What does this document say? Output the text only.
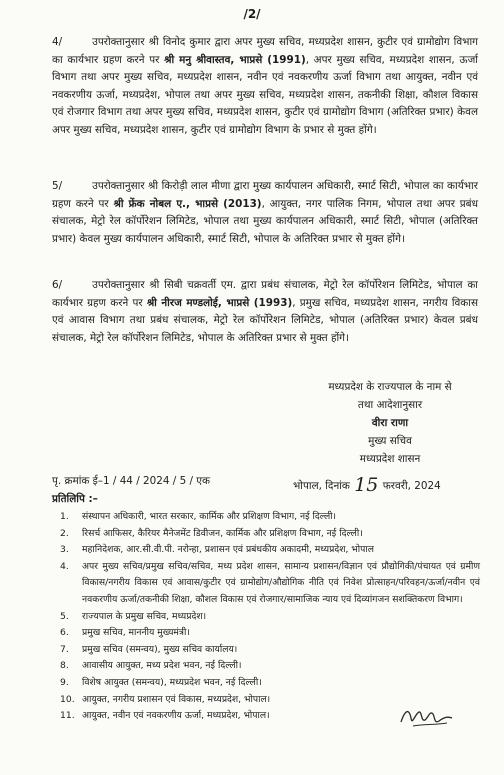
/2/
4/	उपरोक्तानुसार श्री विनोद कुमार द्वारा अपर मुख्य सचिव, मध्यप्रदेश शासन, कुटीर एवं ग्रामोद्योग विभाग का कार्यभार ग्रहण करने पर श्री मनु श्रीवास्तव, भाप्रसे (1991), अपर मुख्य सचिव, मध्यप्रदेश शासन, ऊर्जा विभाग तथा अपर मुख्य सचिव, मध्यप्रदेश शासन, नवीन एवं नवकरणीय ऊर्जा विभाग तथा आयुक्त, नवीन एवं नवकरणीय ऊर्जा, मध्यप्रदेश, भोपाल तथा अपर मुख्य सचिव, मध्यप्रदेश शासन, तकनीकी शिक्षा, कौशल विकास एवं रोजगार विभाग तथा अपर मुख्य सचिव, मध्यप्रदेश शासन, कुटीर एवं ग्रामोद्योग विभाग (अतिरिक्त प्रभार) केवल अपर मुख्य सचिव, मध्यप्रदेश शासन, कुटीर एवं ग्रामोद्योग विभाग के प्रभार से मुक्त होंगे।
5/	उपरोक्तानुसार श्री किरोड़ी लाल मीणा द्वारा मुख्य कार्यपालन अधिकारी, स्मार्ट सिटी, भोपाल का कार्यभार ग्रहण करने पर श्री फ्रेंक नोबल ए., भाप्रसे (2013), आयुक्त, नगर पालिक निगम, भोपाल तथा अपर प्रबंध संचालक, मेट्रो रेल कॉर्पोरेशन लिमिटेड, भोपाल तथा मुख्य कार्यपालन अधिकारी, स्मार्ट सिटी, भोपाल (अतिरिक्त प्रभार) केवल मुख्य कार्यपालन अधिकारी, स्मार्ट सिटी, भोपाल के अतिरिक्त प्रभार से मुक्त होंगे।
6/	उपरोक्तानुसार श्री सिबी चक्रवर्ती एम. द्वारा प्रबंध संचालक, मेट्रो रेल कॉर्पोरेशन लिमिटेड, भोपाल का कार्यभार ग्रहण करने पर श्री नीरज मण्डलोई, भाप्रसे (1993), प्रमुख सचिव, मध्यप्रदेश शासन, नगरीय विकास एवं आवास विभाग तथा प्रबंध संचालक, मेट्रो रेल कॉर्पोरेशन लिमिटेड, भोपाल (अतिरिक्त प्रभार) केवल प्रबंध संचालक, मेट्रो रेल कॉर्पोरेशन लिमिटेड, भोपाल के अतिरिक्त प्रभार से मुक्त होंगे।
मध्यप्रदेश के राज्यपाल के नाम से
तथा आदेशानुसार
वीरा राणा
मुख्य सचिव
मध्यप्रदेश शासन
पृ. क्रमांक ई–1 / 44 / 2024 / 5 / एक	भोपाल, दिनांक 15 फरवरी, 2024
प्रतिलिपि :–
1.	संस्थापन अधिकारी, भारत सरकार, कार्मिक और प्रशिक्षण विभाग, नई दिल्ली।
2.	रिसर्च आफिसर, कैरियर मैनेजमेंट डिवीजन, कार्मिक और प्रशिक्षण विभाग, नई दिल्ली।
3.	महानिदेशक, आर.सी.वी.पी. नरोन्हा, प्रशासन एवं प्रबंधकीय अकादमी, मध्यप्रदेश, भोपाल
4.	अपर मुख्य सचिव/प्रमुख सचिव/सचिव, मध्य प्रदेश शासन, सामान्य प्रशासन/विज्ञान एवं प्रौद्योगिकी/पंचायत एवं ग्रमीण विकास/नगरीय विकास एवं आवास/कुटीर एवं ग्रामोद्योग/औद्योगिक नीति एवं निवेश प्रोत्साहन/परिवहन/ऊर्जा/नवीन एवं नवकरणीय ऊर्जा/तकनीकी शिक्षा, कौशल विकास एवं रोजगार/सामाजिक न्याय एवं दिव्यांगजन सशक्तिकरण विभाग।
5.	राज्यपाल के प्रमुख सचिव, मध्यप्रदेश।
6.	प्रमुख सचिव, माननीय मुख्यमंत्री।
7.	प्रमुख सचिव (समन्वय), मुख्य सचिव कार्यालय।
8.	आवासीय आयुक्त, मध्य प्रदेश भवन, नई दिल्ली।
9.	विशेष आयुक्त (समन्वय), मध्यप्रदेश भवन, नई दिल्ली।
10. आयुक्त, नगरीय प्रशासन एवं विकास, मध्यप्रदेश, भोपाल।
11. आयुक्त, नवीन एवं नवकरणीय ऊर्जा, मध्यप्रदेश, भोपाल।
